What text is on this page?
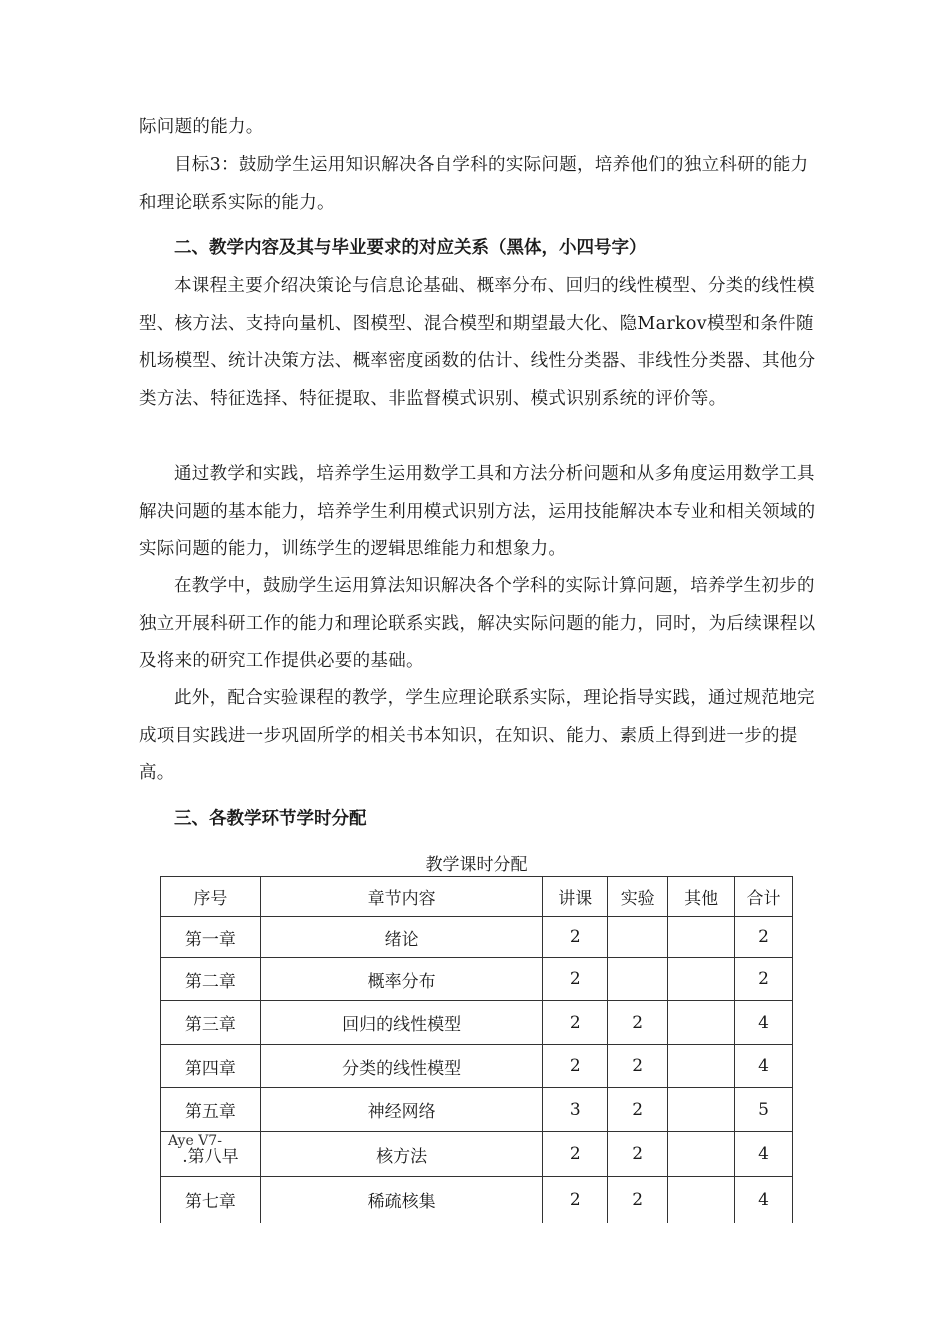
际问题的能力。

目标3：鼓励学生运用知识解决各自学科的实际问题，培养他们的独立科研的能力和理论联系实际的能力。

二、教学内容及其与毕业要求的对应关系（黑体，小四号字）

本课程主要介绍决策论与信息论基础、概率分布、回归的线性模型、分类的线性模型、核方法、支持向量机、图模型、混合模型和期望最大化、隐Markov模型和条件随机场模型、统计决策方法、概率密度函数的估计、线性分类器、非线性分类器、其他分类方法、特征选择、特征提取、非监督模式识别、模式识别系统的评价等。

通过教学和实践，培养学生运用数学工具和方法分析问题和从多角度运用数学工具解决问题的基本能力，培养学生利用模式识别方法，运用技能解决本专业和相关领域的实际问题的能力，训练学生的逻辑思维能力和想象力。

在教学中，鼓励学生运用算法知识解决各个学科的实际计算问题，培养学生初步的独立开展科研工作的能力和理论联系实践，解决实际问题的能力，同时，为后续课程以及将来的研究工作提供必要的基础。

此外，配合实验课程的教学，学生应理论联系实际，理论指导实践，通过规范地完成项目实践进一步巩固所学的相关书本知识，在知识、能力、素质上得到进一步的提高。

三、各教学环节学时分配
教学课时分配
序号	章节内容	讲课	实验	其他	合计
第一章	绪论	2			2
第二章	概率分布	2			2
第三章	回归的线性模型	2	2		4
第四章	分类的线性模型	2	2		4
第五章	神经网络	3	2		5
.第八早	核方法	2	2		4
第七章	稀疏核集	2	2		4
Aye V7-
